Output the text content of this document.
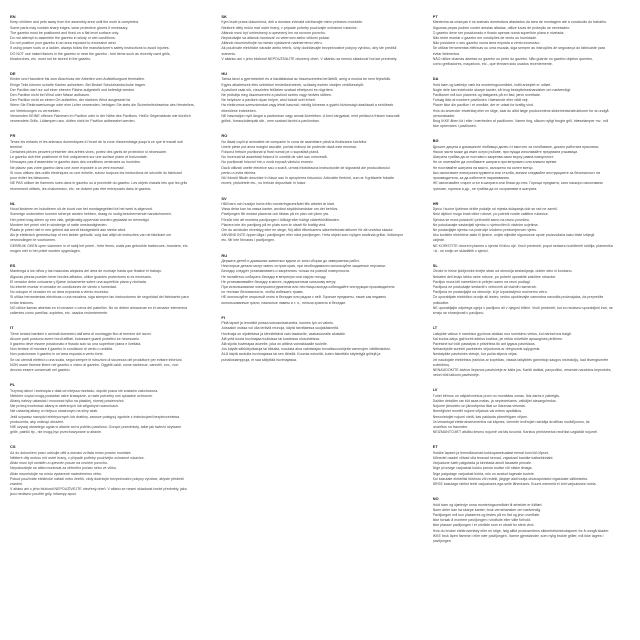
EN
Keep children and pets away from the assembly area until the work is completed.
Some parts may contain sharp edges, wear protective gloves if necessary.
The gazebo must be positioned and fixed on a flat level surface only.
Do not attempt to assemble the gazebo in windy or wet conditions.
Do not position your gazebo in an area exposed to excessive wind.
If using power tools or a ladder, always follow the manufacturer's safety instructions to avoid injuries.
DO NOT use naked flames in the gazebo or near the gazebo - fold items such as recently used grills,
blowtorches, etc. must not be stored in the gazebo.
DE
Kinder und Haustiere bis zum Abschluss der Arbeiten vom Aufstellungsort fernhalten.
Einige Teile können scharfe Kanten aufweisen. Bei Bedarf Schutzhandschuhe tragen.
Der Pavillon darf nur auf einer ebenen Fläche aufgestellt und befestigt werden.
Den Pavillon nicht bei Wind oder Nässe aufbauen.
Den Pavillon nicht an einem Ort aufstellen, der starkem Wind ausgesetzt ist.
Wenn Sie Elektrowerkzeuge oder eine Leiter verwenden, befolgen Sie stets die Sicherheitshinweise des Herstellers,
um Verletzungen zu vermeiden.
Verwenden KEINE offenen Flammen im Pavillon oder in der Nähe des Pavillons. Heiße Gegenstände wie kürzlich
verwendete Grills, Lötlampen usw. dürfen nicht im Pavillon aufbewahrt werden.
FR
Tenez les enfants et les animaux domestiques à l'écart de la zone d'assemblage jusqu'à ce que le travail soit
terminé.
Certaines pièces peuvent présenter des arêtes vives, portez des gants de protection si nécessaire.
Le gazebo doit être positionné et fixé uniquement sur une surface plane et horizontale.
N'essayez pas d'assembler le gazebo dans des conditions venteuses ou humides.
Ne placez pas votre gazebo dans une zone exposée à un vent excessif.
Si vous utilisez des outils électriques ou une échelle, suivez toujours les instructions de sécurité du fabricant
pour éviter les blessures.
NE PAS utiliser de flammes nues dans le gazebo ou à proximité du gazebo. Les objets chauds tels que les grils
récemment utilisés, les chalumeaux, etc. ne doivent pas être entreposés dans le gazebo.
NL
Houd kinderen en huisdieren uit de buurt van het montagegebied tot het werk is afgerond.
Sommige onderdelen kunnen scherpe randen hebben, draag zo nodig beschermende handschoenen.
Het prieel mag alleen op een vlak, gelijkmatig oppervlak worden geplaatst en bevestigd.
Monteer het prieel niet in winderige of natte omstandigheden.
Plaats je prieel niet in een gebied dat wordt blootgesteld aan sterke wind.
Als je elektrisch gereedschap of een ladder gebruikt, volg dan altijd de instructies van de fabrikant om
verwondingen te voorkomen.
GEBRUIK GEEN open vlammen in of nabij het prieel - hete items, zoals pas gebruikte barbecues, branders, etc.
mogen niet in het prieel worden opgeslagen.
ES
Mantenga a los niños y las mascotas alejados del área de montaje hasta que finalice el trabajo.
Algunas piezas pueden tener bordes afilados, utilice guantes protectores si es necesario.
El cenador debe colocarse y fijarse únicamente sobre una superficie plana y nivelada.
No intente montar el cenador en condiciones de viento o humedad.
No coloque el cenador en un área expuesta a viento excesivo.
Si utiliza herramientas eléctricas o una escalera, siga siempre las instrucciones de seguridad del fabricante para
evitar lesiones.
NO utilice llamas abiertas en el cenador o cerca del pabellón. No se deben almacenar en el cenador elementos
calientes como parrillas, sopletes, etc. usados recientemente.
IT
Tiene lontani bambini e animali domestici dall'area di montaggio fino al termine dei lavori.
Alcune parti possono avere bordi affilati, indossare guanti protettivi se necessario.
Il gazebo deve essere posizionato e fissato solo su una superficie piana e livellata.
Non tentare di montare il gazebo in condizioni di vento o umidità.
Non posizionare il gazebo in un'area esposta a vento forte.
Se usi utensili elettrici o una scala, segui sempre le istruzioni di sicurezza del produttore per evitare infortuni.
NON usare fiamme libere nel gazebo o vicino al gazebo. Oggetti caldi, come barbecue, cannelli, ecc., non
devono essere conservati nel gazebo.
PL
Trzymaj dzieci i zwierzęta z dala od miejsca montażu, dopóki praca nie zostanie zakończona.
Niektóre części mogą posiadać ostre krawędzie, w razie potrzeby noś rękawice ochronne.
Altanę należy ustawiać i mocować tylko na płaskiej, równej powierzchni.
Nie próbuj montować altany w wietrznych lub wilgotnych warunkach.
Nie ustawiaj altany w miejscu narażonym na silny wiatr.
Jeśli używasz narzędzi elektrycznych lub drabiny, zawsze postępuj zgodnie z instrukcjami bezpieczeństwa
producenta, aby uniknąć obrażeń.
NIE używaj otwartego ognia w altanie ani w pobliżu pawilonu. Gorące przedmioty, takie jak świeżo używane
grille, palniki itp., nie mogą być przechowywane w altanie.
CS
Až do dokončení prací udržujte děti a domácí zvířata mimo prostor montáže.
Některé díly mohou mít ostré hrany, v případě potřeby používejte ochranné rukavice.
Altán musí být umístěn a upevněn pouze na rovném povrchu.
Nepokoušejte se altán montovat za větrného počasí nebo ve vlhku.
Altán neumisťujte na místo vystavené nadměrnému větru.
Pokud používáte elektrické nářadí nebo žebřík, vždy dodržujte bezpečnostní pokyny výrobce, abyste předešli
zranění.
V altánu ani v jeho blízkosti NEPOUŽÍVEJTE otevřený oheň. V altánu se nesmí skladovat horké předměty, jako
jsou nedávno použité grily, letlampy apod.
SK
Kým bude práca dokončená, deti a domáce zvieratá udržiavajte mimo priestoru montáže.
Niektoré diely môžu mať ostré hrany, v prípade potreby používajte ochranné rukavice.
Altánok musí byť umiestnený a upevnený len na rovnom povrchu.
Nepokúšajte sa altánok montovať vo veternom alebo vlhkom počasí.
Altánok neumiestňujte na miesto vystavené nadmernému vetru.
Ak používate elektrické náradie alebo rebrík, vždy dodržiavajte bezpečnostné pokyny výrobcu, aby ste predišli
zraneniu.
V altánku ani v jeho blízkosti NEPOUŽÍVAJTE otvorený oheň. V altánku sa nesmú skladovať horúce predmety.
HU
Tartsa távol a gyermekeket és a háziállatokat az összeszerelési területtől, amíg a munka be nem fejeződik.
Egyes alkatrészek éles szélekkel rendelkezhetnek, szükség esetén viseljen védőkesztyűt.
A pavilont csak sík, vízszintes felületen szabad elhelyezni és rögzíteni.
Ne próbálja meg összeszerelni a pavilont szeles vagy nedves időben.
Ne helyezze a pavilont olyan helyre, ahol túlzott szél érheti.
Ha elektromos szerszámokat vagy létrát használ, mindig kövesse a gyártó biztonsági utasításait a sérülések
elkerülése érdekében.
NE használjon nyílt lángot a pavilonban vagy annak közelében. A forró tárgyakat, mint például a frissen használt
grillek, forrasztólámpák stb., nem szabad tárolni a pavilonban.
RO
Nu lăsați copiii și animalele de companie în zona de asamblare până la finalizarea lucrărilor.
Unele piese pot avea margini ascuțite, purtați mănuși de protecție dacă este necesar.
Foișorul trebuie poziționat și fixat numai pe o suprafață plană.
Nu încercați să asamblați foișorul în condiții de vânt sau umezeală.
Nu poziționați foișorul într-o zonă expusă vântului excesiv.
Dacă utilizați unelte electrice sau o scară, urmați întotdeauna instrucțiunile de siguranță ale producătorului
pentru a evita rănirea.
NU folosiți flăcări deschise în foișor sau în apropierea foișorului. Articolele fierbinți, cum ar fi grătarele folosite
recent, pistoletele etc., nu trebuie depozitate în foișor.
SV
Håll barn och husdjur borta från monteringsområdet tills arbetet är klart.
Vissa delar kan ha vassa kanter, använd skyddshandskar om det behövs.
Paviljongen får endast placeras och fästas på en plan och jämn yta.
Försök inte att montera paviljongen i blåsigt eller fuktigt väderförhållanden.
Placera inte din paviljong på en plats som är utsatt för kraftig vind.
Om du använder elverktyg eller en stege, följ alltid tillverkarens säkerhetsinstruktioner för att undvika skador.
ANVÄND INTE öppen låga i paviljongen eller nära paviljongen. Heta objekt som nyligen använda grillar, lödlampor
etc. får inte förvaras i paviljongen.
RU
Держите детей и домашних животных вдали от зоны сборки до завершения работ.
Некоторые детали могут иметь острые края, при необходимости используйте защитные перчатки.
Беседку следует устанавливать и закреплять только на ровной поверхности.
Не пытайтесь собирать беседку в ветреную или сырую погоду.
Не устанавливайте беседку в месте, подверженном сильному ветру.
При использовании электроинструментов или лестницы всегда соблюдайте инструкции производителя
по технике безопасности, чтобы избежать травм.
НЕ используйте открытый огонь в беседке или рядом с ней. Горячие предметы, такие как недавно
использованные грили, паяльные лампы и т. п., нельзя хранить в беседке.
FI
Pidä lapset ja lemmikit poissa kokoamisalueelta, kunnes työ on valmis.
Joissakin osissa voi olla teräviä reunoja, käytä tarvittaessa suojakäsineitä.
Huvimaja on sijoitettava ja kiinnitettävä vain tasaiselle, vaakasuoralle alustalle.
Älä yritä koota huvimajaa tuulisissa tai kosteissa olosuhteissa.
Älä sijoita huvimajaa alueelle, joka on alttiina voimakkaalle tuulelle.
Jos käytät sähkötyökaluja tai tikkaita, noudata aina valmistajan turvallisuusohjeita vammojen välttämiseksi.
ÄLÄ käytä avotulta huvimajassa tai sen lähellä. Kuumia esineitä, kuten äskettäin käytettyjä grillejä ja
puhalluslamppuja, ei saa säilyttää huvimajassa.
PT
Mantenha as crianças e os animais domésticos afastados da área de montagem até à conclusão do trabalho.
Algumas peças podem conter arestas afiadas, utilize luvas de proteção se necessário.
O gazebo deve ser posicionado e fixado apenas numa superfície plana e nivelada.
Não tente montar o gazebo em condições de vento ou humidade.
Não posicione o seu gazebo numa área exposta a vento excessivo.
Se utilizar ferramentas elétricas ou uma escada, siga sempre as instruções de segurança do fabricante para
evitar ferimentos.
NÃO utilize chamas abertas no gazebo ou perto do gazebo. Não guarde no gazebo objetos quentes,
como grelhadores, maçaricos, etc., que tenham sido usados recentemente.
DA
Hold børn og kæledyr væk fra monteringsområdet, indtil arbejdet er udført.
Nogle dele kan indeholde skarpe kanter, så brug beskyttelseshandsker om nødvendigt.
Pavillonen må kun placeres og fastgøres på en flad, jævn overflade.
Forsøg ikke at montere pavillonen i blæsende eller vådt vejr.
Placer ikke din pavillon i et område, der er udsat for kraftig vind.
Hvis du anvender elværktøj eller en stige, skal du altid følge producentens sikkerhedsinstruktioner for at undgå
personskader.
Brug IKKE åben ild i eller i nærheden af pavillonen. Varme ting, såsom nyligt brugte grill, blæselamper mv., må
ikke opbevares i pavillonen.
BG
Дръжте децата и домашните любимци далеч от мястото за сглобяване, докато работата приключи.
Някои части може да имат остри ръбове, при нужда използвайте предпазни ръкавици.
Шатрата трябва да се поставя и закрепва само върху равна повърхност.
Не се опитвайте да сглобявате шатрата при ветровито или влажно време.
Не поставяйте шатрата на място, изложено на силен вятър.
Ако използвате електроинструменти или стълба, винаги следвайте инструкциите за безопасност на
производителя, за да избегнете наранявания.
НЕ използвайте открит огън в шатрата или близо до нея. Горещи предмети, като наскоро използвани
грилове, горелки и др., не трябва да се съхраняват в шатрата.
HR
Djecu i kućne ljubimce držite podalje od mjesta sklapanja dok se rad ne završi.
Neki dijelovi mogu imati oštre rubove, po potrebi nosite zaštitne rukavice.
Sjenica se mora postaviti i pričvrstiti samo na ravnu površinu.
Ne pokušavajte sastavljati sjenicu u vjetrovitim ili vlažnim uvjetima.
Ne postavljajte sjenicu na područje izloženo prekomjernom vjetru.
Ako koristite električne alate ili ljestve, uvijek slijedite sigurnosne upute proizvođača kako biste izbjegli
ozljede.
NE KORISTITE otvoreni plamen u sjenici ili blizu nje. Vrući predmeti, poput nedavno korištenih roštilja, plamenika
i sl., ne smiju se skladištiti u sjenici.
SL
Otroke in hišne ljubljenčke imejte stran od območja sestavljanja, dokler delo ni končano.
Nekateri deli imajo lahko ostre robove, po potrebi uporabite zaščitne rokavice.
Paviljon mora biti nameščen in pritrjen samo na ravni podlagi.
Paviljona ne poskušajte sestaviti v vetrovnih ali vlažnih razmerah.
Paviljona ne postavljajte na območje, ki je izpostavljeno močnemu vetru.
Če uporabljate električno orodje ali lestev, vedno upoštevajte varnostna navodila proizvajalca, da preprečite
poškodbe.
NE uporabljajte odprtega ognja v paviljonu ali v njegovi bližini. Vroči predmeti, kot so nedavno uporabljeni žari, ne
smejo se shranjevati v paviljonu.
LT
Laikykite vaikus ir naminius gyvūnus atokiau nuo surinkimo vietos, kol darbai bus baigti.
Kai kurios dalys gali turėti aštrius kraštus, jei reikia mūvėkite apsaugines pirštines.
Pavėsinė turi būti pastatyta ir pritvirtinta tik ant lygaus paviršiaus.
Nebandykite surinkti pavėsinės vėjuotomis ar drėgnomis sąlygomis.
Nestatykite pavėsinės vietoje, kur pučia stiprus vėjas.
Jei naudojate elektrinius įrankius ar kopėčias, visada laikykitės gamintojo saugos instrukcijų, kad išvengtumėte
sužeidimų.
NENAUDOKITE atviros liepsnos pavėsinėje ar šalia jos. Karšti daiktai, pavyzdžiui, neseniai naudotos kepsninės,
neturi būti laikomi pavėsinėje.
LV
Turiet bērnus un mājdzīvniekus prom no montāžas zonas, līdz darbs ir pabeigts.
Dažām detaļām var būt asas malas, ja nepieciešams, valkājiet aizsargcimdus.
Nojume jānovieto un jānostiprina tikai uz līdzenas virsmas.
Nemēģiniet montēt nojumi vējainos vai mitros apstākļos.
Nenovietojiet nojumi vietā, kas pakļauta pārmērīgam vējam.
Ja izmantojat elektroinstrumentus vai kāpnes, vienmēr ievērojiet ražotāja drošības norādījumus, lai
izvairītos no traumām.
NEIZMANTOJIET atklātu liesmu nojumē vai tās tuvumā. Karstus priekšmetus nedrīkst uzglabāt nojumē.
ET
Hoidke lapsed ja lemmikloomad kokkupanekualast eemal kuni töö lõpuni.
Mõnedel osadel võivad olla teravad servad, vajadusel kandke kaitsekindaid.
Varjualune tuleb paigutada ja kinnitada ainult tasasele pinnale.
Ärge proovige varjualust kokku panna tuulise või niiske ilmaga.
Ärge paigutage varjualust kohta, mis on avatud tugevale tuulele.
Kui kasutate elektrilisi tööriistu või redelit, järgige alati tootja ohutusjuhiseid vigastuste vältimiseks.
ÄRGE kasutage lahtist leeki varjualuses ega selle läheduses. Kuumi esemeid ei tohi varjualuses hoida.
NO
Hold barn og kjæledyr unna monteringsområdet til arbeidet er fullført.
Noen deler kan ha skarpe kanter, bruk vernehansker om nødvendig.
Paviljongen må kun plasseres og festes på en flat og jevn overflate.
Ikke forsøk å montere paviljongen i vindfulle eller våte forhold.
Ikke plasser paviljongen i et område som er utsatt for sterk vind.
Hvis du bruker elektroverktøy eller en stige, følg alltid produsentens sikkerhetsinstruksjoner for å unngå skader.
IKKE bruk åpen flamme i eller nær paviljongen. Varme gjenstander, som nylig brukte griller, må ikke lagres i
paviljongen.
